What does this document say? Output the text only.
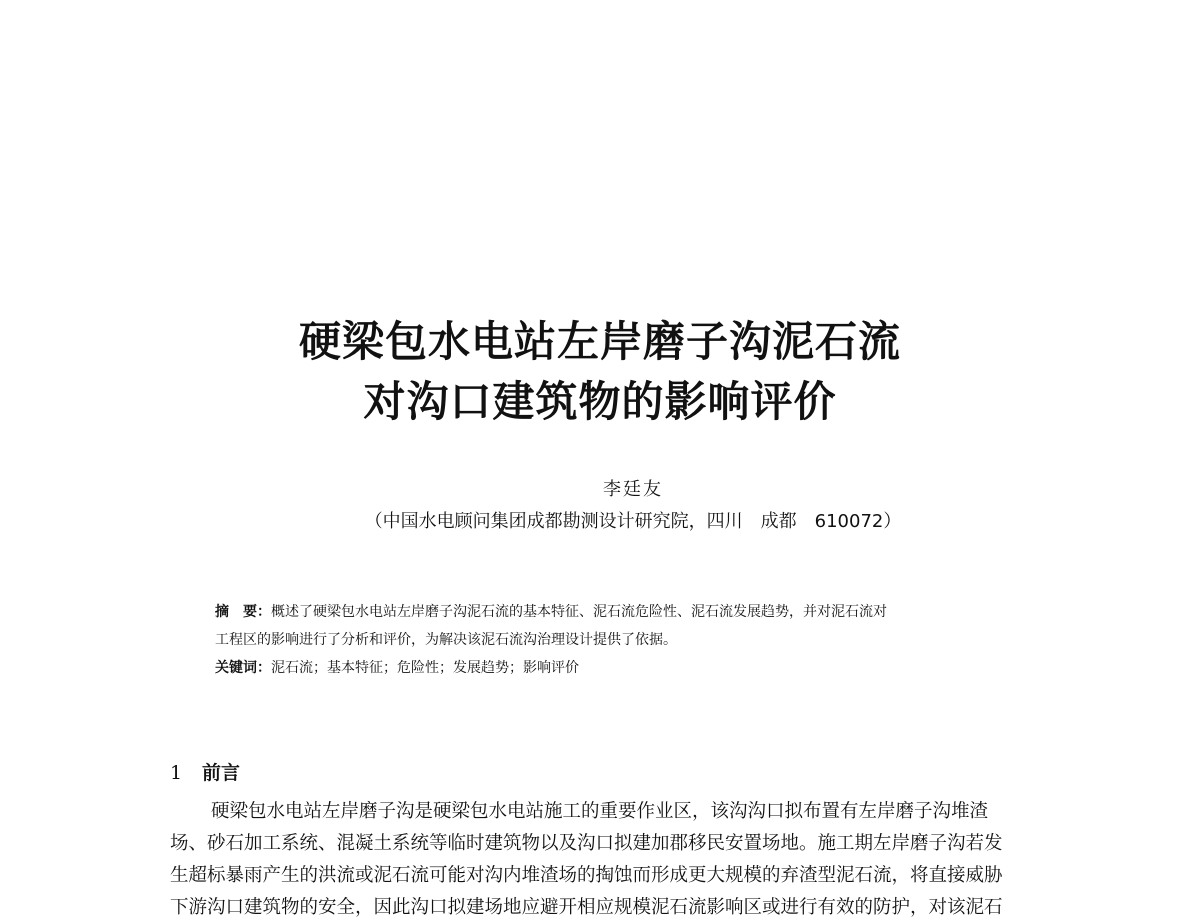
硬梁包水电站左岸磨子沟泥石流
对沟口建筑物的影响评价
李廷友
（中国水电顾问集团成都勘测设计研究院，四川　成都　610072）
摘　要：概述了硬梁包水电站左岸磨子沟泥石流的基本特征、泥石流危险性、泥石流发展趋势，并对泥石流对
工程区的影响进行了分析和评价，为解决该泥石流沟治理设计提供了依据。
关键词：泥石流；基本特征；危险性；发展趋势；影响评价
1 前言
硬梁包水电站左岸磨子沟是硬梁包水电站施工的重要作业区，该沟沟口拟布置有左岸磨子沟堆渣
场、砂石加工系统、混凝土系统等临时建筑物以及沟口拟建加郡移民安置场地。施工期左岸磨子沟若发
生超标暴雨产生的洪流或泥石流可能对沟内堆渣场的掏蚀而形成更大规模的弃渣型泥石流，将直接威胁
下游沟口建筑物的安全，因此沟口拟建场地应避开相应规模泥石流影响区或进行有效的防护，对该泥石
